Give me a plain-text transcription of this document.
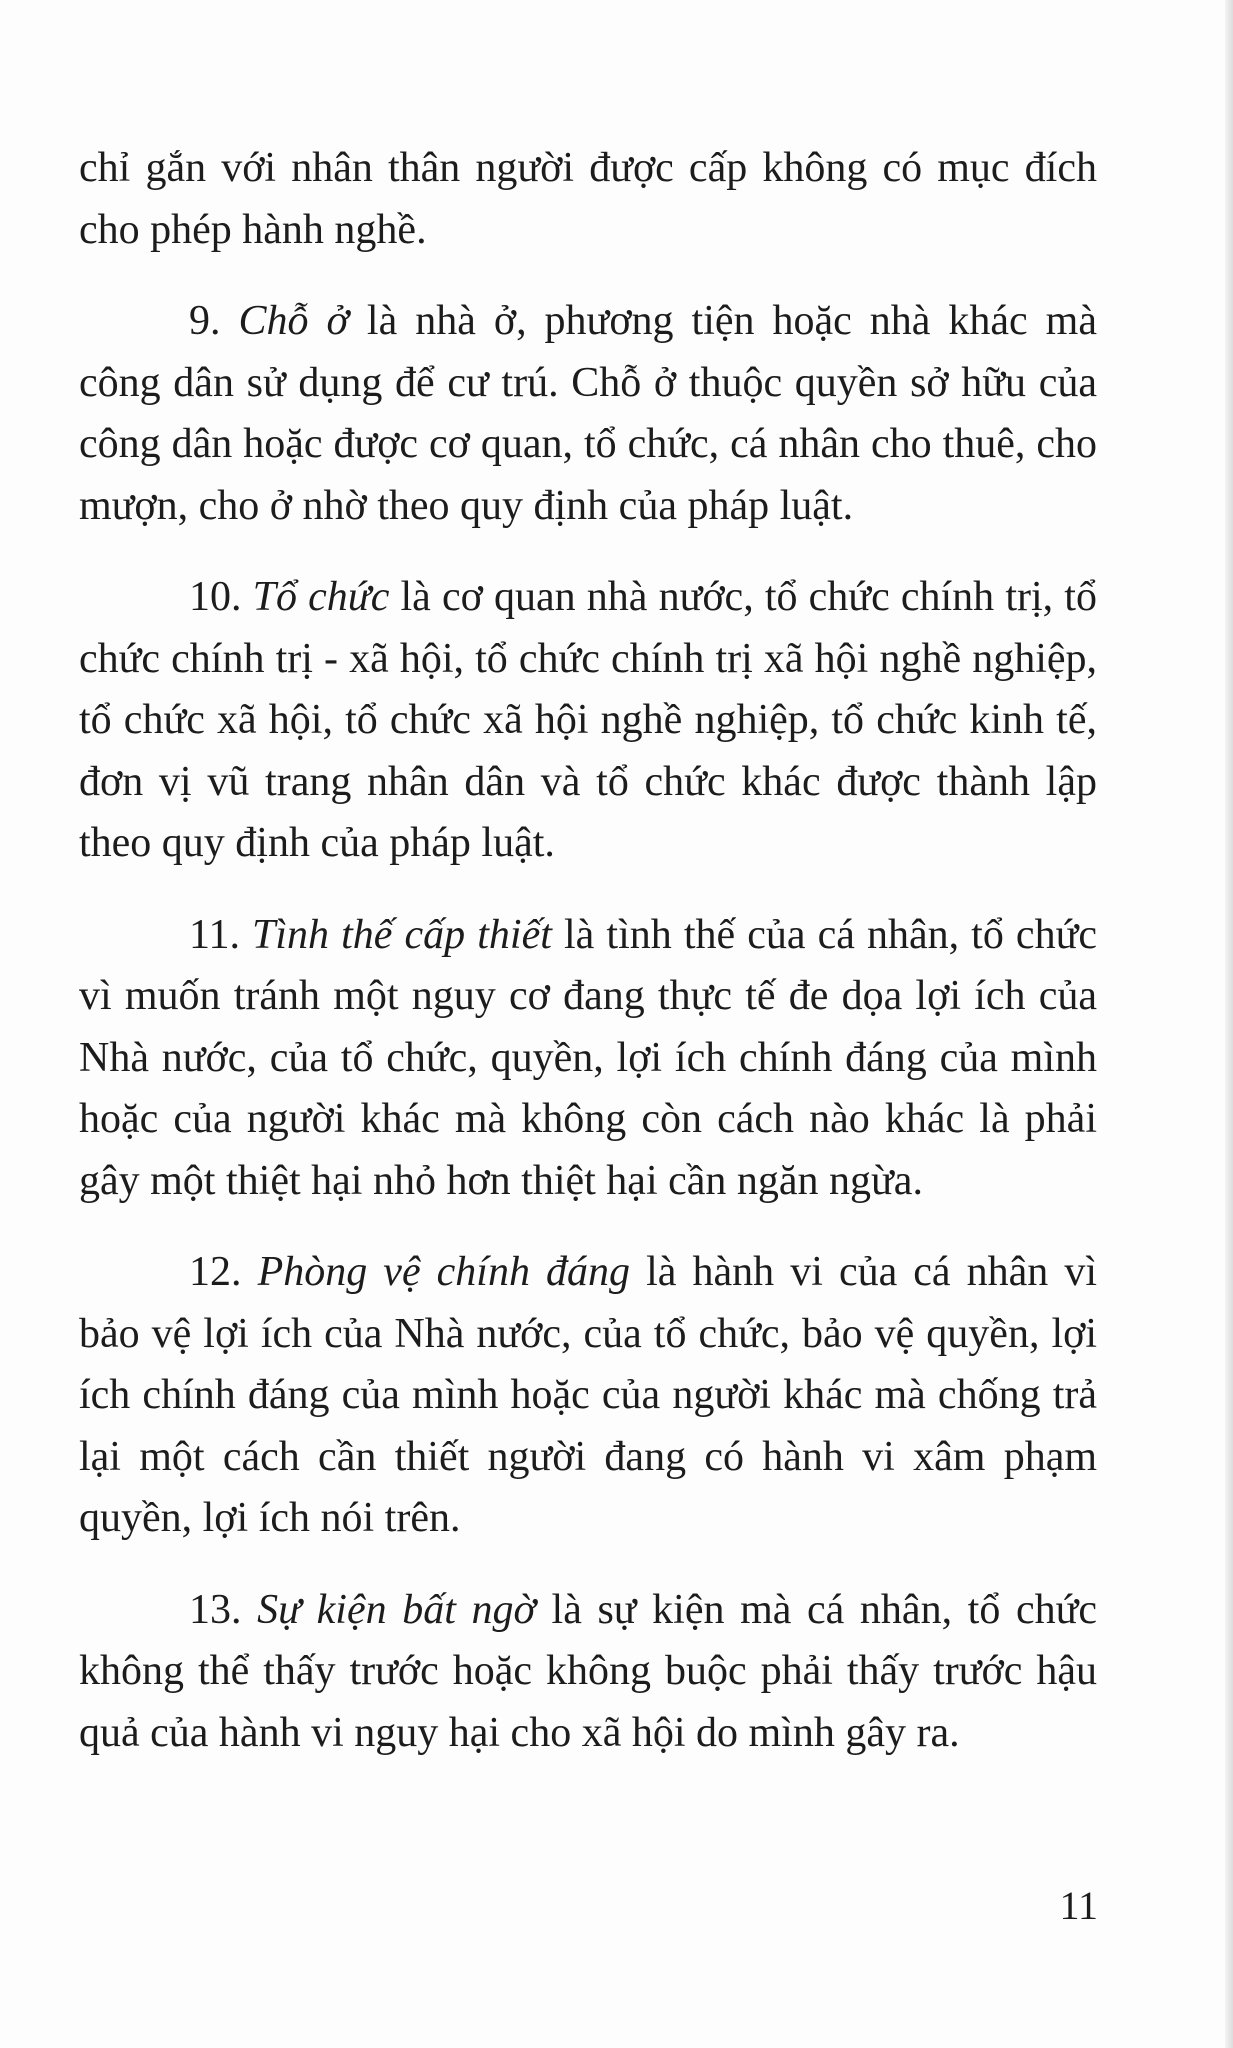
chỉ gắn với nhân thân người được cấp không có mục đích cho phép hành nghề.

9. Chỗ ở là nhà ở, phương tiện hoặc nhà khác mà công dân sử dụng để cư trú. Chỗ ở thuộc quyền sở hữu của công dân hoặc được cơ quan, tổ chức, cá nhân cho thuê, cho mượn, cho ở nhờ theo quy định của pháp luật.

10. Tổ chức là cơ quan nhà nước, tổ chức chính trị, tổ chức chính trị - xã hội, tổ chức chính trị xã hội nghề nghiệp, tổ chức xã hội, tổ chức xã hội nghề nghiệp, tổ chức kinh tế, đơn vị vũ trang nhân dân và tổ chức khác được thành lập theo quy định của pháp luật.

11. Tình thế cấp thiết là tình thế của cá nhân, tổ chức vì muốn tránh một nguy cơ đang thực tế đe dọa lợi ích của Nhà nước, của tổ chức, quyền, lợi ích chính đáng của mình hoặc của người khác mà không còn cách nào khác là phải gây một thiệt hại nhỏ hơn thiệt hại cần ngăn ngừa.

12. Phòng vệ chính đáng là hành vi của cá nhân vì bảo vệ lợi ích của Nhà nước, của tổ chức, bảo vệ quyền, lợi ích chính đáng của mình hoặc của người khác mà chống trả lại một cách cần thiết người đang có hành vi xâm phạm quyền, lợi ích nói trên.

13. Sự kiện bất ngờ là sự kiện mà cá nhân, tổ chức không thể thấy trước hoặc không buộc phải thấy trước hậu quả của hành vi nguy hại cho xã hội do mình gây ra.

11
